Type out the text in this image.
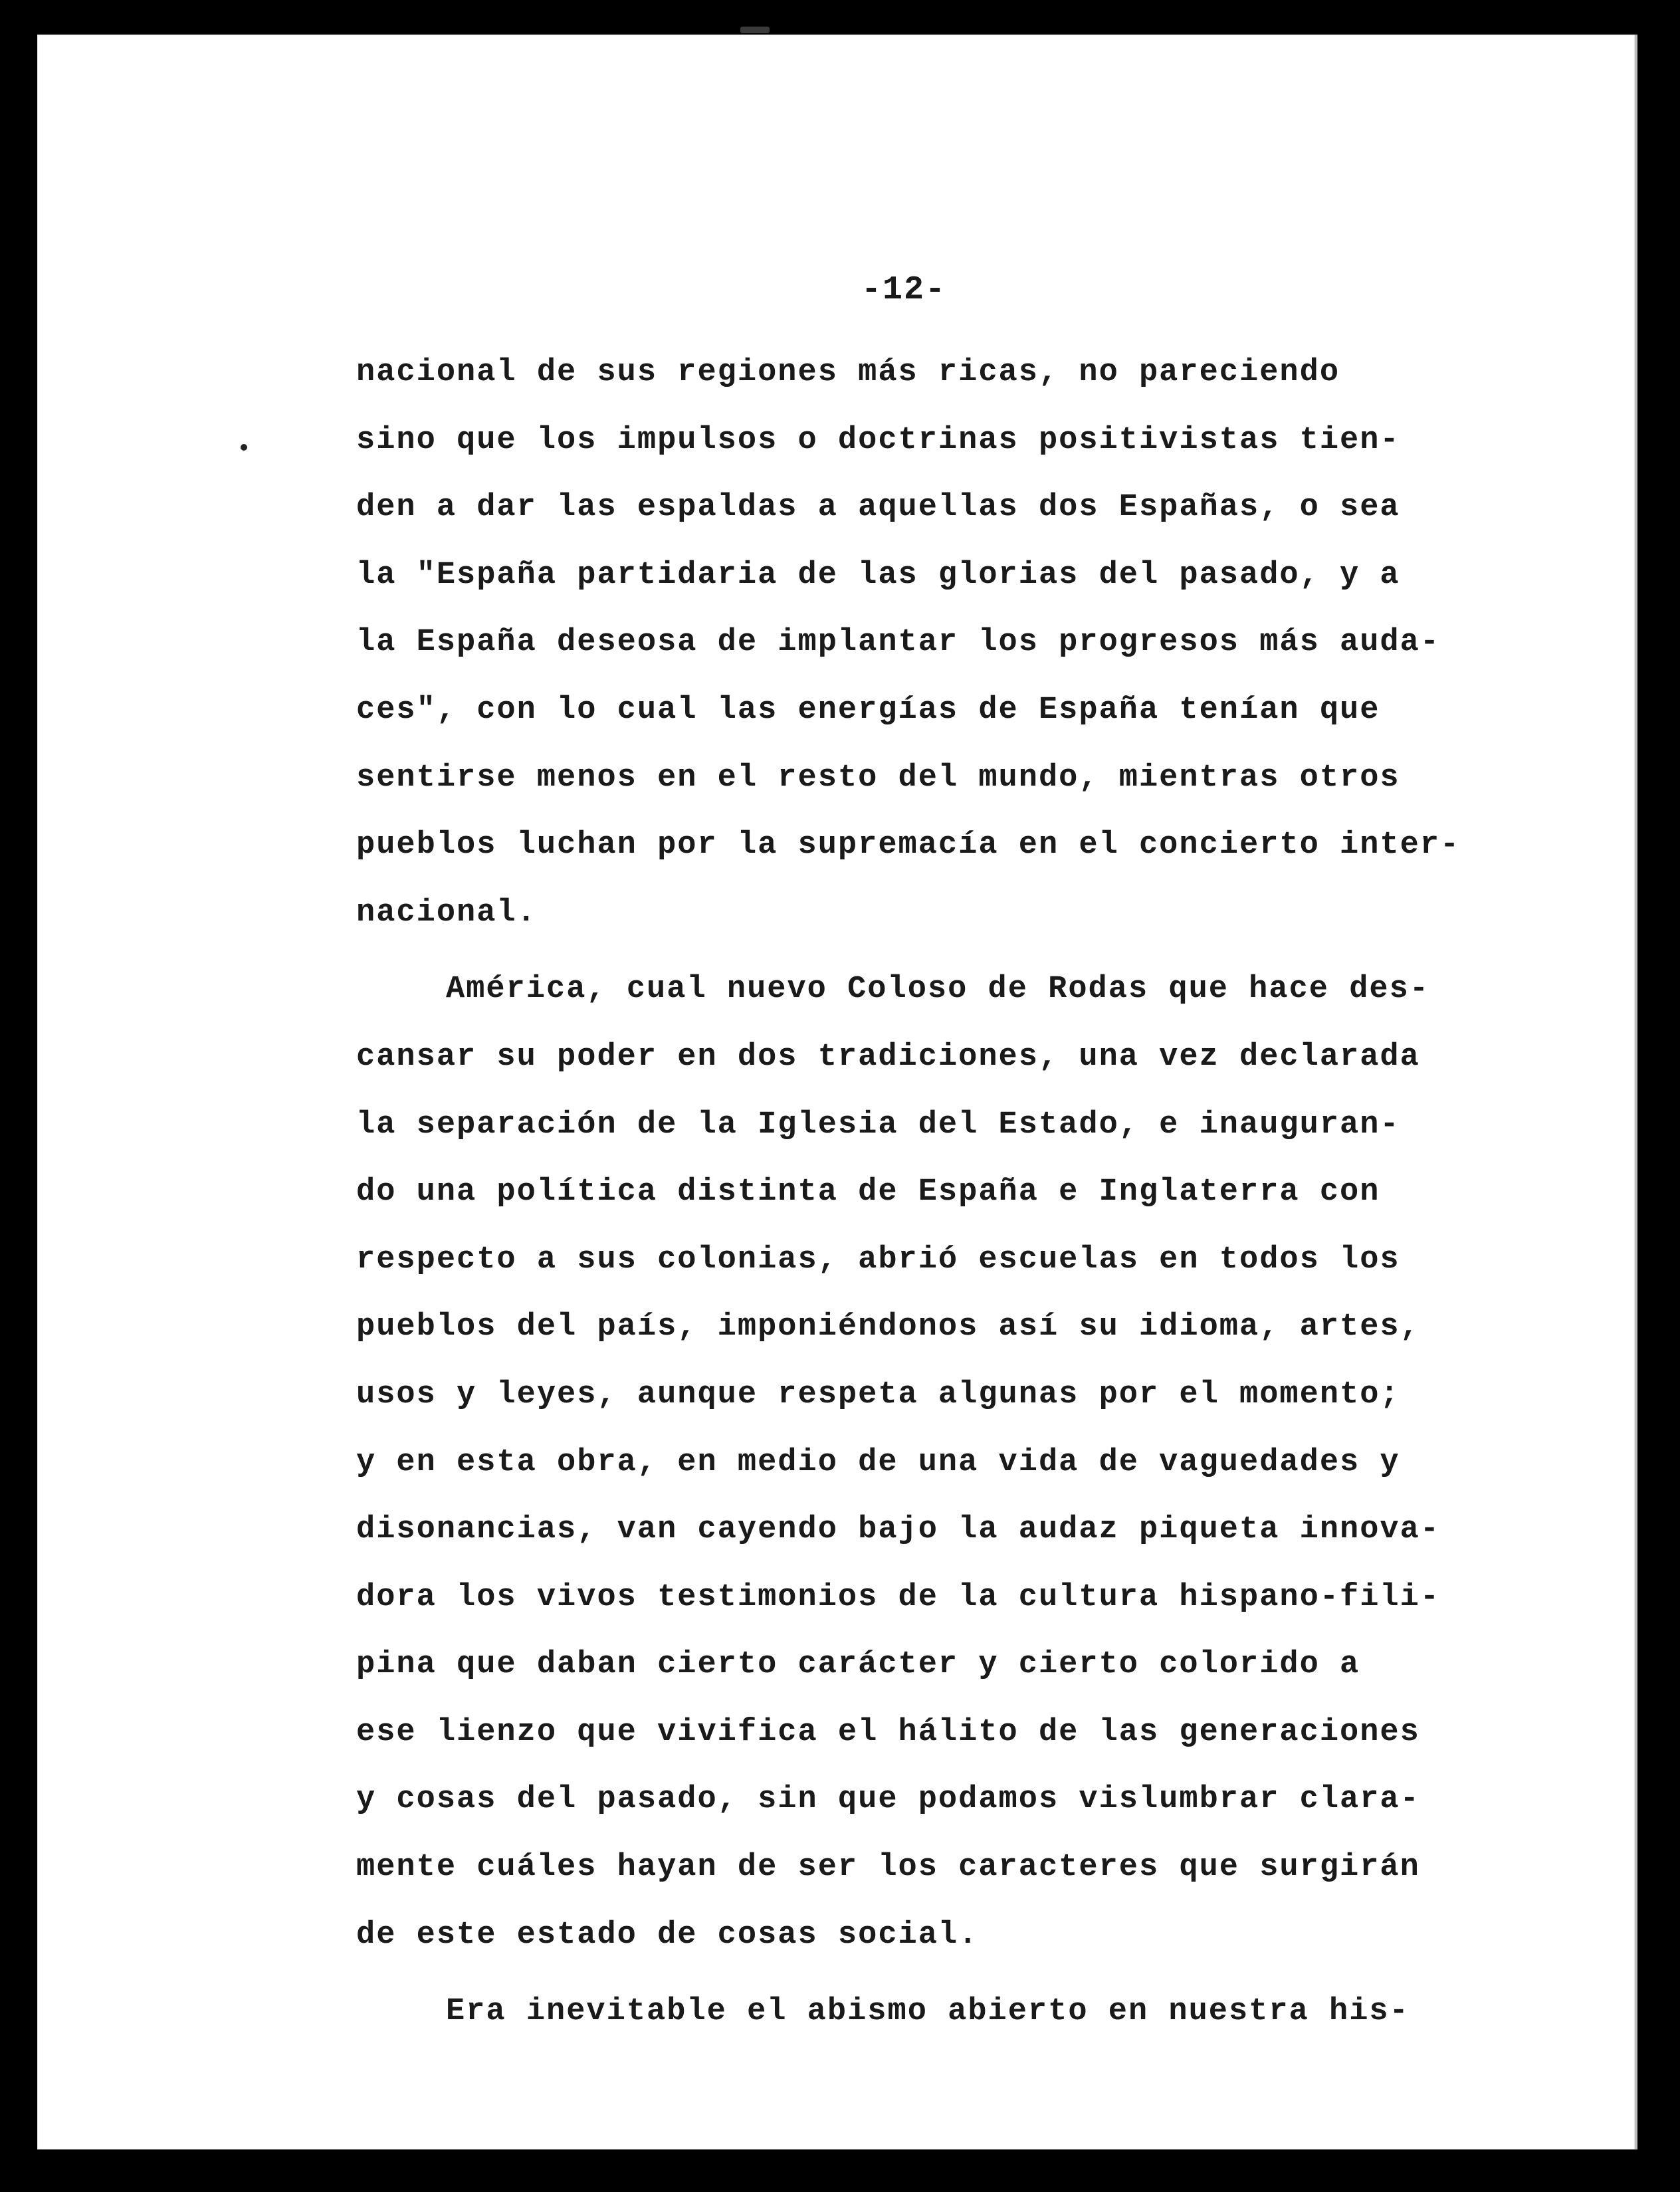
-12-
nacional de sus regiones más ricas, no pareciendo
sino que los impulsos o doctrinas positivistas tien-
den a dar las espaldas a aquellas dos Españas, o sea
la "España partidaria de las glorias del pasado, y a
la España deseosa de implantar los progresos más auda-
ces", con lo cual las energías de España tenían que
sentirse menos en el resto del mundo, mientras otros
pueblos luchan por la supremacía en el concierto inter-
nacional.
América, cual nuevo Coloso de Rodas que hace des-
cansar su poder en dos tradiciones, una vez declarada
la separación de la Iglesia del Estado, e inauguran-
do una política distinta de España e Inglaterra con
respecto a sus colonias, abrió escuelas en todos los
pueblos del país, imponiéndonos así su idioma, artes,
usos y leyes, aunque respeta algunas por el momento;
y en esta obra, en medio de una vida de vaguedades y
disonancias, van cayendo bajo la audaz piqueta innova-
dora los vivos testimonios de la cultura hispano-fili-
pina que daban cierto carácter y cierto colorido a
ese lienzo que vivifica el hálito de las generaciones
y cosas del pasado, sin que podamos vislumbrar clara-
mente cuáles hayan de ser los caracteres que surgirán
de este estado de cosas social.
Era inevitable el abismo abierto en nuestra his-
